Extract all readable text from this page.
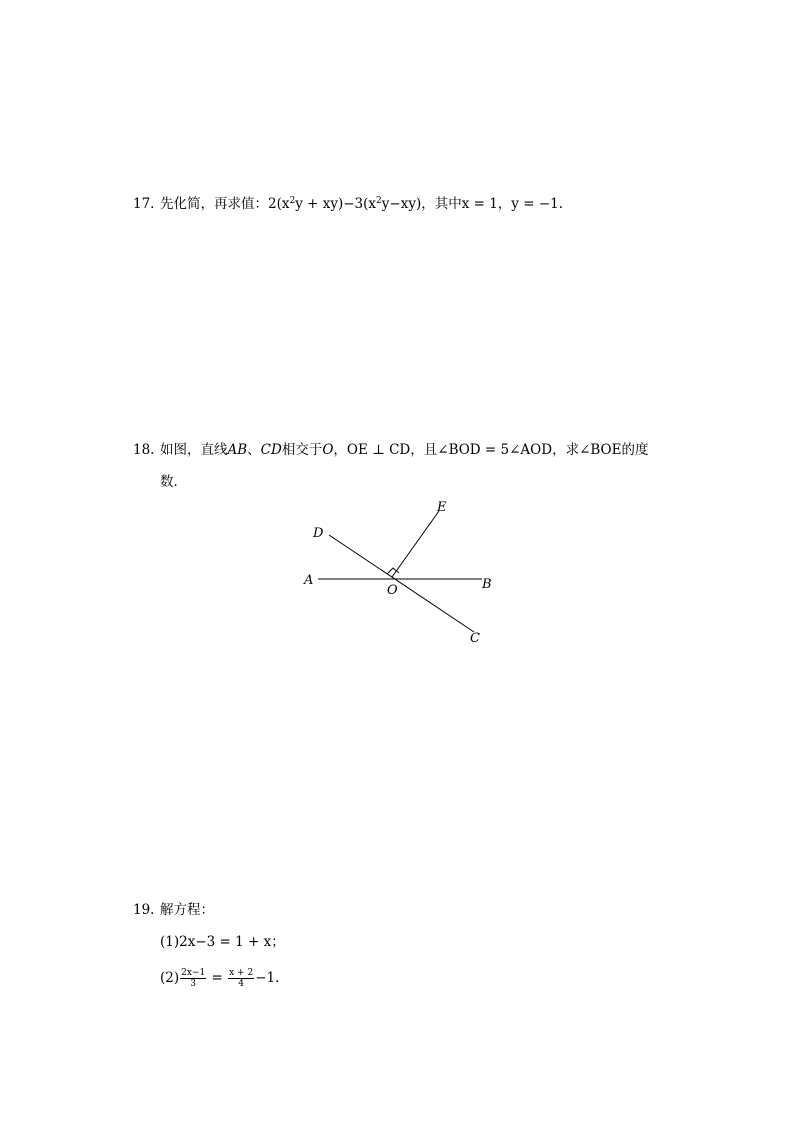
17. 先化简，再求值：$2(x^2y + xy)-3(x^2y-xy)$，其中x = 1，y = −1.
18. 如图，直线AB、CD相交于O，OE ⊥ CD，且∠BOD = 5∠AOD，求∠BOE的度
数．
D
E
A	B
O
C
19. 解方程：
(1)2x−3 = 1 + x；
$(2) \frac{2x-1}{3} = \frac{x + 2}{4} -1$.
